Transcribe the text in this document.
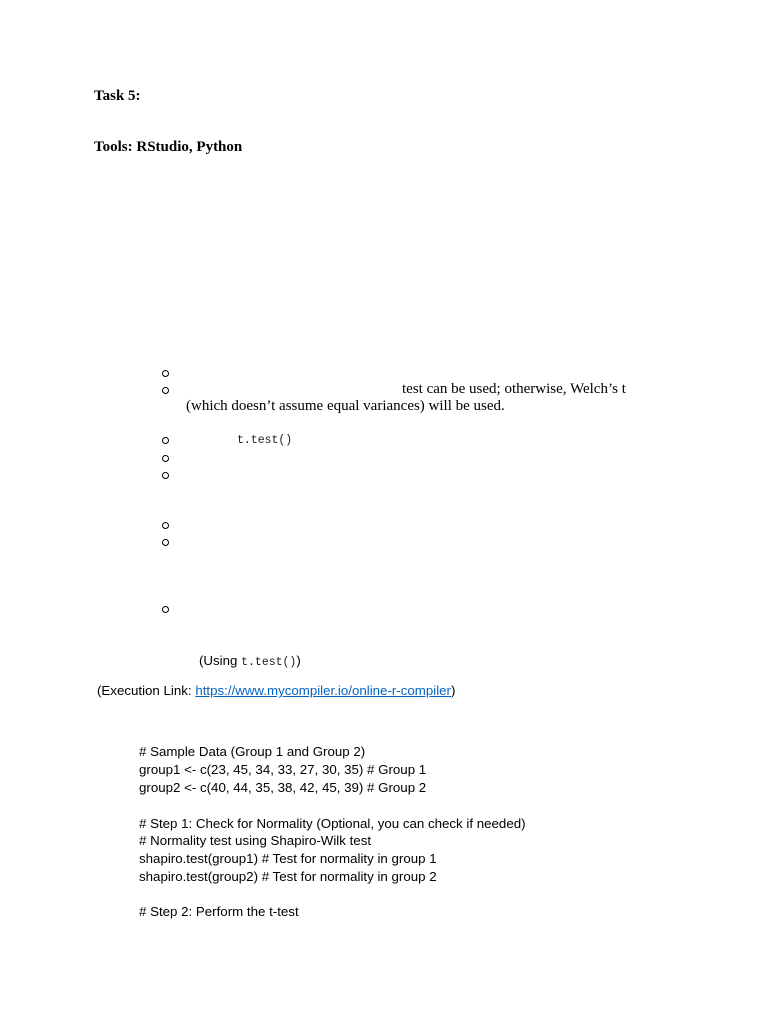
Task 5:
Tools: RStudio, Python
test can be used; otherwise, Welch’s t
(which doesn’t assume equal variances) will be used.
t.test()
(Using t.test())
(Execution Link: https://www.mycompiler.io/online-r-compiler)
# Sample Data (Group 1 and Group 2)
group1 <- c(23, 45, 34, 33, 27, 30, 35) # Group 1
group2 <- c(40, 44, 35, 38, 42, 45, 39) # Group 2
# Step 1: Check for Normality (Optional, you can check if needed)
# Normality test using Shapiro-Wilk test
shapiro.test(group1) # Test for normality in group 1
shapiro.test(group2) # Test for normality in group 2
# Step 2: Perform the t-test
